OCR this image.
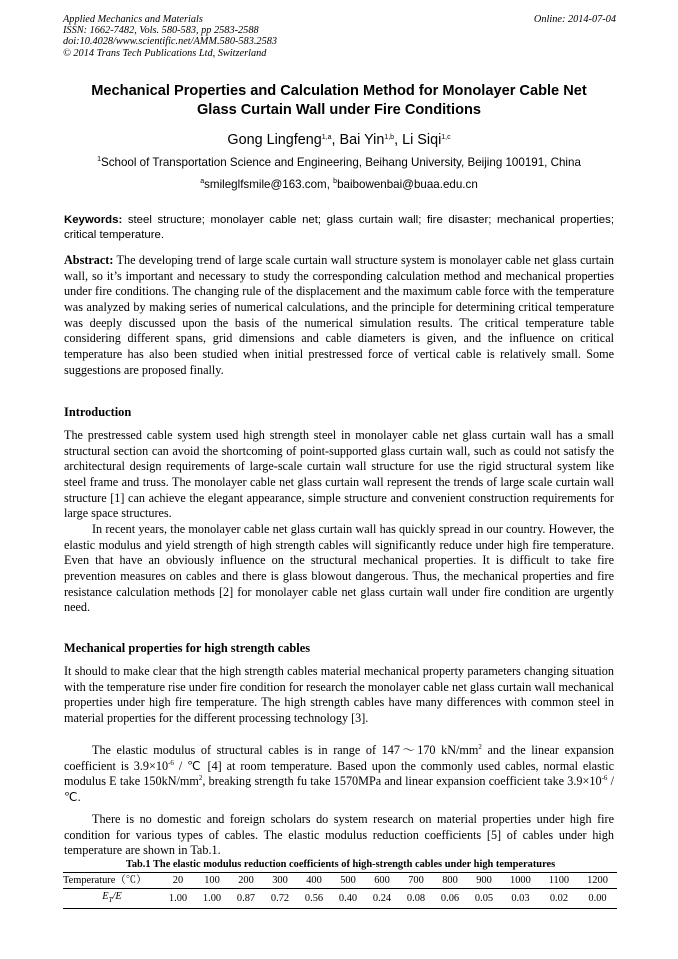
Applied Mechanics and Materials
ISSN: 1662-7482, Vols. 580-583, pp 2583-2588
doi:10.4028/www.scientific.net/AMM.580-583.2583
© 2014 Trans Tech Publications Ltd, Switzerland
Online: 2014-07-04
Mechanical Properties and Calculation Method for Monolayer Cable Net
Glass Curtain Wall under Fire Conditions
Gong Lingfeng$^{1,a}$, Bai Yin$^{1,b}$, Li Siqi$^{1,c}$
$^1$School of Transportation Science and Engineering, Beihang University, Beijing 100191, China
$^a$smileglfsmile@163.com, $^b$baibowenbai@buaa.edu.cn
Keywords: steel structure; monolayer cable net; glass curtain wall; fire disaster; mechanical properties; critical temperature.
Abstract: The developing trend of large scale curtain wall structure system is monolayer cable net glass curtain wall, so it’s important and necessary to study the corresponding calculation method and mechanical properties under fire conditions. The changing rule of the displacement and the maximum cable force with the temperature was analyzed by making series of numerical calculations, and the principle for determining critical temperature was deeply discussed upon the basis of the numerical simulation results. The critical temperature table considering different spans, grid dimensions and cable diameters is given, and the influence on critical temperature has also been studied when initial prestressed force of vertical cable is relatively small. Some suggestions are proposed finally.
Introduction
The prestressed cable system used high strength steel in monolayer cable net glass curtain wall has a small structural section can avoid the shortcoming of point-supported glass curtain wall, such as could not satisfy the architectural design requirements of large-scale curtain wall structure for use the rigid structural system like steel frame and truss. The monolayer cable net glass curtain wall represent the trends of large scale curtain wall structure [1] can achieve the elegant appearance, simple structure and convenient construction requirements for large space structures.
In recent years, the monolayer cable net glass curtain wall has quickly spread in our country. However, the elastic modulus and yield strength of high strength cables will significantly reduce under high fire temperature. Even that have an obviously influence on the structural mechanical properties. It is difficult to take fire prevention measures on cables and there is glass blowout dangerous. Thus, the mechanical properties and fire resistance calculation methods [2] for monolayer cable net glass curtain wall under fire condition are urgently need.
Mechanical properties for high strength cables
It should to make clear that the high strength cables material mechanical property parameters changing situation with the temperature rise under fire condition for research the monolayer cable net glass curtain wall mechanical properties under high fire temperature. The high strength cables have many differences with common steel in material properties for the different processing technology [3].
The elastic modulus of structural cables is in range of 147～170 $kN/mm^2$ and the linear expansion coefficient is $3.9\times 10^{-6}$ / ℃ [4] at room temperature. Based upon the commonly used cables, normal elastic modulus E take $150kN/mm^2$, breaking strength fu take 1570MPa and linear expansion coefficient take $3.9\times 10^{-6}$ /℃.
There is no domestic and foreign scholars do system research on material properties under high fire condition for various types of cables. The elastic modulus reduction coefficients [5] of cables under high temperature are shown in Tab.1.
Tab.1 The elastic modulus reduction coefficients of high-strength cables under high temperatures
Temperature（℃）	20	100	200	300	400	500	600	700	800	900	1000	1100	1200
$E_T/E$	1.00	1.00	0.87	0.72	0.56	0.40	0.24	0.08	0.06	0.05	0.03	0.02	0.00
